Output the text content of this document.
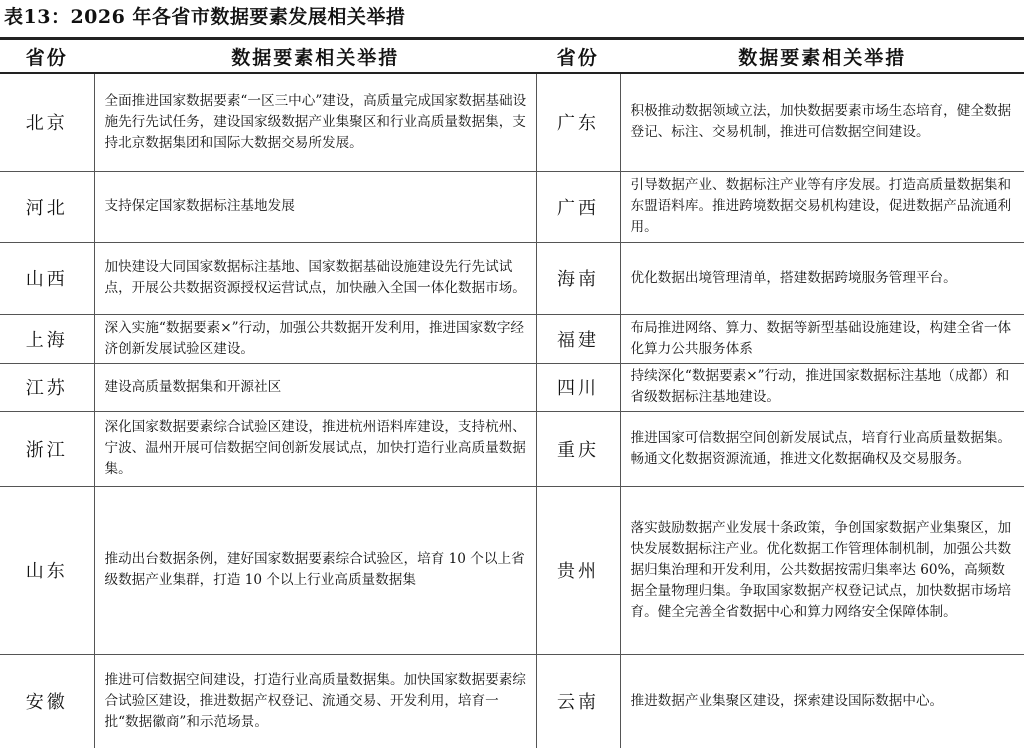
表13：2026 年各省市数据要素发展相关举措
省份	数据要素相关举措	省份	数据要素相关举措
北京	全面推进国家数据要素“一区三中心”建设，高质量完成国家数据基础设施先行先试任务，建设国家级数据产业集聚区和行业高质量数据集，支持北京数据集团和国际大数据交易所发展。	广东	积极推动数据领域立法，加快数据要素市场生态培育，健全数据登记、标注、交易机制，推进可信数据空间建设。
河北	支持保定国家数据标注基地发展	广西	引导数据产业、数据标注产业等有序发展。打造高质量数据集和东盟语料库。推进跨境数据交易机构建设，促进数据产品流通利用。
山西	加快建设大同国家数据标注基地、国家数据基础设施建设先行先试试点，开展公共数据资源授权运营试点，加快融入全国一体化数据市场。	海南	优化数据出境管理清单，搭建数据跨境服务管理平台。
上海	深入实施“数据要素×”行动，加强公共数据开发利用，推进国家数字经济创新发展试验区建设。	福建	布局推进网络、算力、数据等新型基础设施建设，构建全省一体化算力公共服务体系
江苏	建设高质量数据集和开源社区	四川	持续深化“数据要素×”行动，推进国家数据标注基地（成都）和省级数据标注基地建设。
浙江	深化国家数据要素综合试验区建设，推进杭州语料库建设，支持杭州、宁波、温州开展可信数据空间创新发展试点，加快打造行业高质量数据集。	重庆	推进国家可信数据空间创新发展试点，培育行业高质量数据集。畅通文化数据资源流通，推进文化数据确权及交易服务。
山东	推动出台数据条例，建好国家数据要素综合试验区，培育 10 个以上省级数据产业集群，打造 10 个以上行业高质量数据集	贵州	落实鼓励数据产业发展十条政策，争创国家数据产业集聚区，加快发展数据标注产业。优化数据工作管理体制机制，加强公共数据归集治理和开发利用，公共数据按需归集率达 60%，高频数据全量物理归集。争取国家数据产权登记试点，加快数据市场培育。健全完善全省数据中心和算力网络安全保障体制。
安徽	推进可信数据空间建设，打造行业高质量数据集。加快国家数据要素综合试验区建设，推进数据产权登记、流通交易、开发利用，培育一批“数据徽商”和示范场景。	云南	推进数据产业集聚区建设，探索建设国际数据中心。
